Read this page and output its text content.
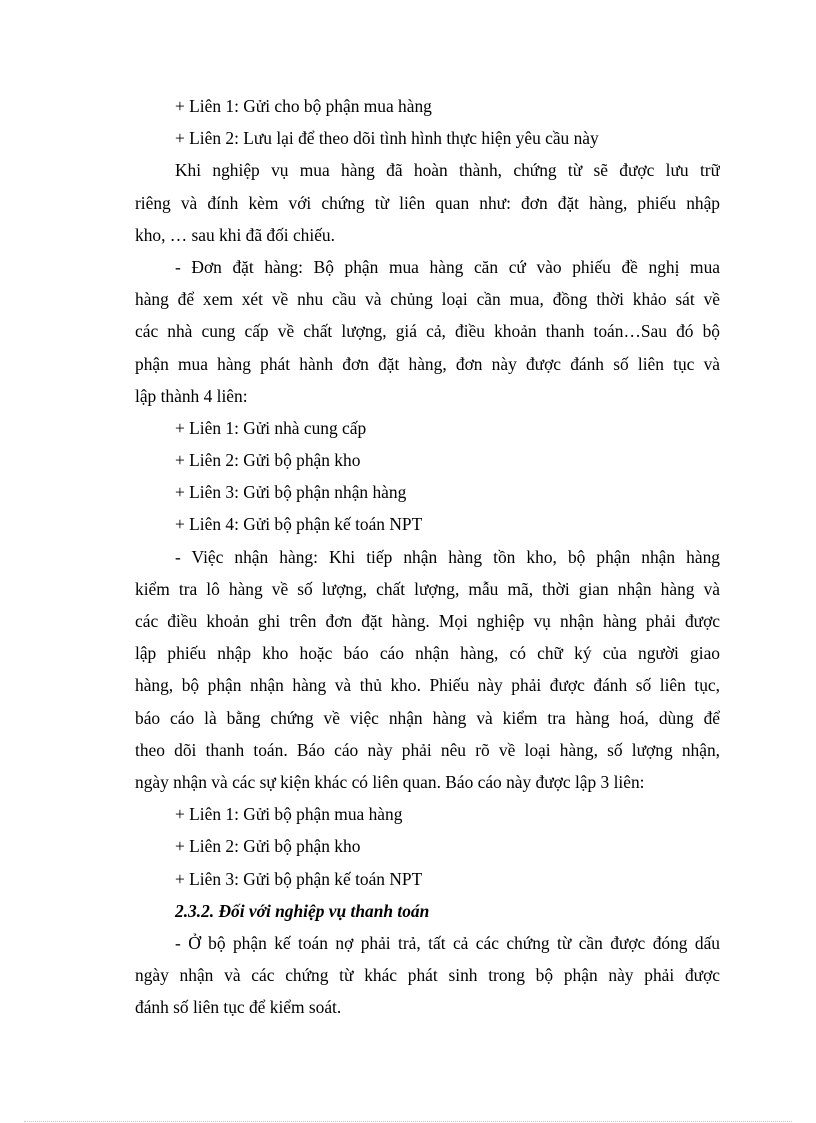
+ Liên 1: Gửi cho bộ phận mua hàng
+ Liên 2: Lưu lại để theo dõi tình hình thực hiện yêu cầu này
Khi nghiệp vụ mua hàng đã hoàn thành, chứng từ sẽ được lưu trữ
riêng và đính kèm với chứng từ liên quan như: đơn đặt hàng, phiếu nhập
kho, … sau khi đã đối chiếu.
- Đơn đặt hàng: Bộ phận mua hàng căn cứ vào phiếu đề nghị mua
hàng để xem xét về nhu cầu và chủng loại cần mua, đồng thời khảo sát về
các nhà cung cấp về chất lượng, giá cả, điều khoản thanh toán…Sau đó bộ
phận mua hàng phát hành đơn đặt hàng, đơn này được đánh số liên tục và
lập thành 4 liên:
+ Liên 1: Gửi nhà cung cấp
+ Liên 2: Gửi bộ phận kho
+ Liên 3: Gửi bộ phận nhận hàng
+ Liên 4: Gửi bộ phận kế toán NPT
- Việc nhận hàng: Khi tiếp nhận hàng tồn kho, bộ phận nhận hàng
kiểm tra lô hàng về số lượng, chất lượng, mẫu mã, thời gian nhận hàng và
các điều khoản ghi trên đơn đặt hàng. Mọi nghiệp vụ nhận hàng phải được
lập phiếu nhập kho hoặc báo cáo nhận hàng, có chữ ký của người giao
hàng, bộ phận nhận hàng và thủ kho. Phiếu này phải được đánh số liên tục,
báo cáo là bằng chứng về việc nhận hàng và kiểm tra hàng hoá, dùng để
theo dõi thanh toán. Báo cáo này phải nêu rõ về loại hàng, số lượng nhận,
ngày nhận và các sự kiện khác có liên quan. Báo cáo này được lập 3 liên:
+ Liên 1: Gửi bộ phận mua hàng
+ Liên 2: Gửi bộ phận kho
+ Liên 3: Gửi bộ phận kế toán NPT
2.3.2. Đối với nghiệp vụ thanh toán
- Ở bộ phận kế toán nợ phải trả, tất cả các chứng từ cần được đóng dấu
ngày nhận và các chứng từ khác phát sinh trong bộ phận này phải được
đánh số liên tục để kiểm soát.
